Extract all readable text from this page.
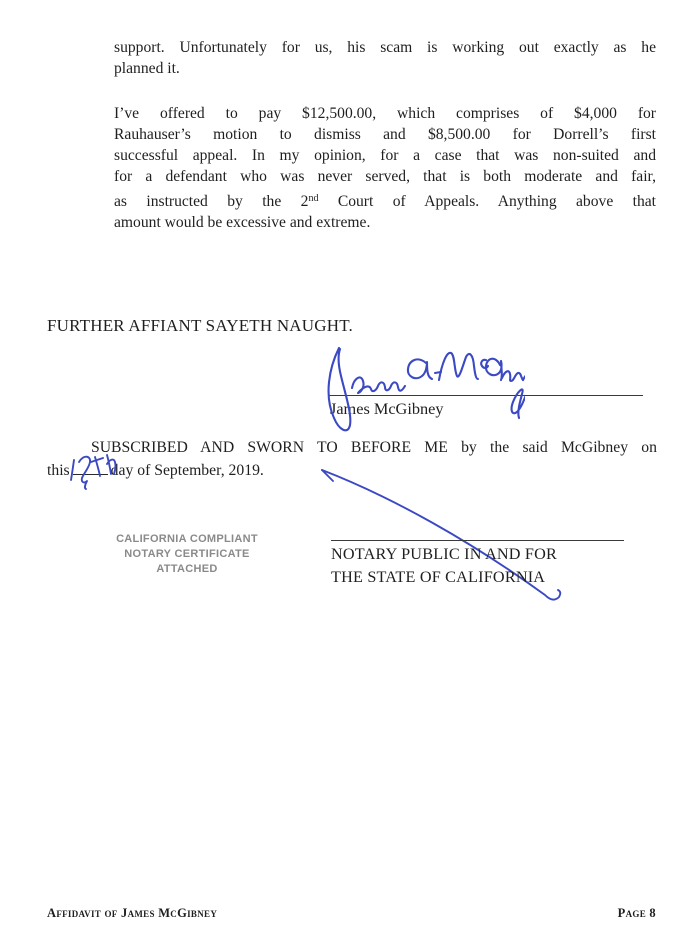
support. Unfortunately for us, his scam is working out exactly as he
planned it.
I’ve offered to pay $12,500.00, which comprises of $4,000 for
Rauhauser’s motion to dismiss and $8,500.00 for Dorrell’s first
successful appeal. In my opinion, for a case that was non-suited and
for a defendant who was never served, that is both moderate and fair,
as instructed by the 2nd Court of Appeals. Anything above that
amount would be excessive and extreme.
FURTHER AFFIANT SAYETH NAUGHT.
James McGibney
SUBSCRIBED AND SWORN TO BEFORE ME by the said McGibney on
this	day of September, 2019.
CALIFORNIA COMPLIANT
NOTARY CERTIFICATE
ATTACHED
NOTARY PUBLIC IN AND FOR
THE STATE OF CALIFORNIA
Affidavit of James McGibney	Page 8
